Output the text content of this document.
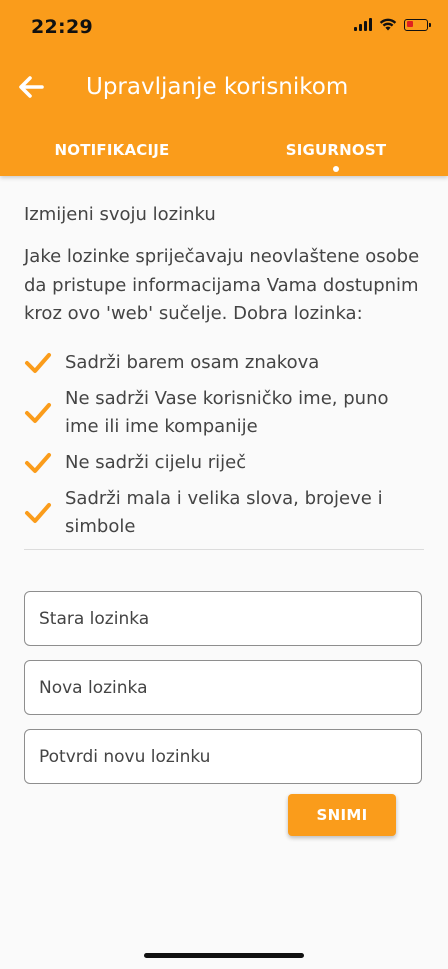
22:29
Upravljanje korisnikom
NOTIFIKACIJE	SIGURNOST
Izmijeni svoju lozinku
Jake lozinke spriječavaju neovlaštene osobe da pristupe informacijama Vama dostupnim kroz ovo 'web' sučelje. Dobra lozinka:
Sadrži barem osam znakova
Ne sadrži Vase korisničko ime, puno ime ili ime kompanije
Ne sadrži cijelu riječ
Sadrži mala i velika slova, brojeve i simbole
SNIMI
